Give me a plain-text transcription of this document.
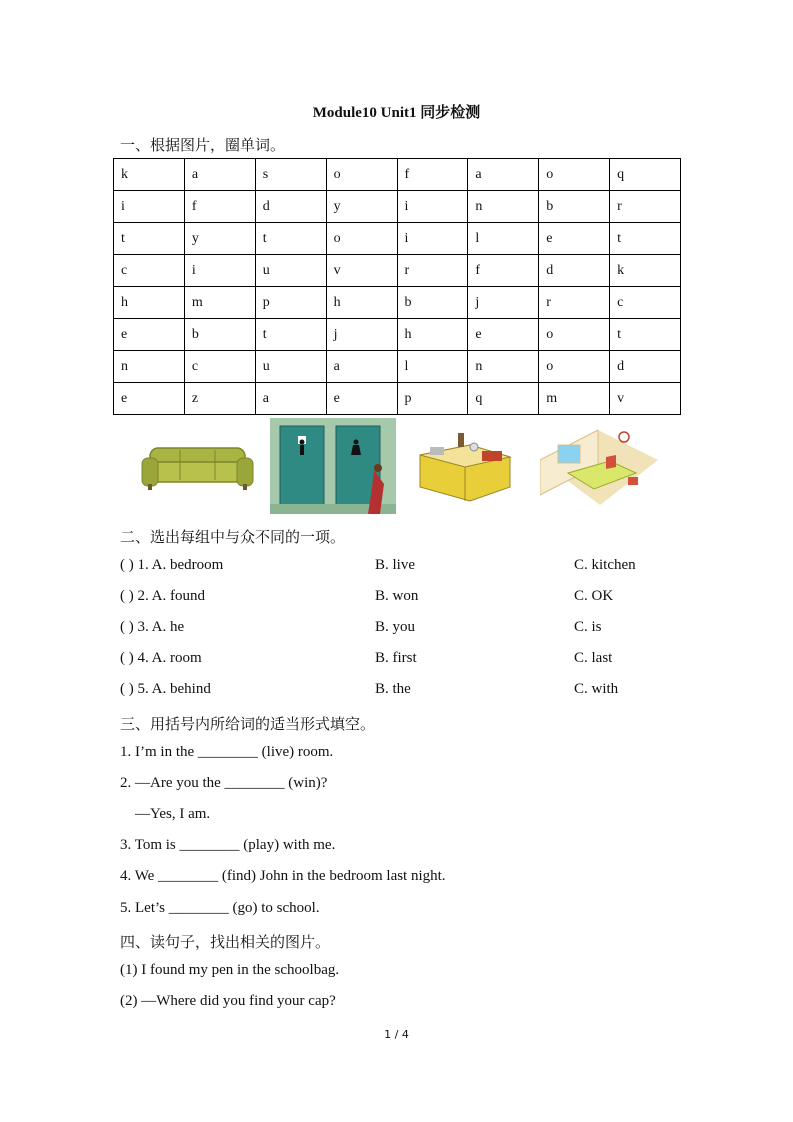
Module10 Unit1 同步检测
一、根据图片，圈单词。
k	a	s	o	f	a	o	q
i	f	d	y	i	n	b	r
t	y	t	o	i	l	e	t
c	i	u	v	r	f	d	k
h	m	p	h	b	j	r	c
e	b	t	j	h	e	o	t
n	c	u	a	l	n	o	d
e	z	a	e	p	q	m	v
二、选出每组中与众不同的一项。
( ) 1. A. bedroom	B. live	C. kitchen
( ) 2. A. found	B. won	C. OK
( ) 3. A. he	B. you	C. is
( ) 4. A. room	B. first	C. last
( ) 5. A. behind	B. the	C. with
三、用括号内所给词的适当形式填空。
1. I’m in the ________ (live) room.
2. —Are you the ________ (win)?
—Yes, I am.
3. Tom is ________ (play) with me.
4. We ________ (find) John in the bedroom last night.
5. Let’s ________ (go) to school.
四、读句子，找出相关的图片。
(1) I found my pen in the schoolbag.
(2) —Where did you find your cap?
1 / 4
